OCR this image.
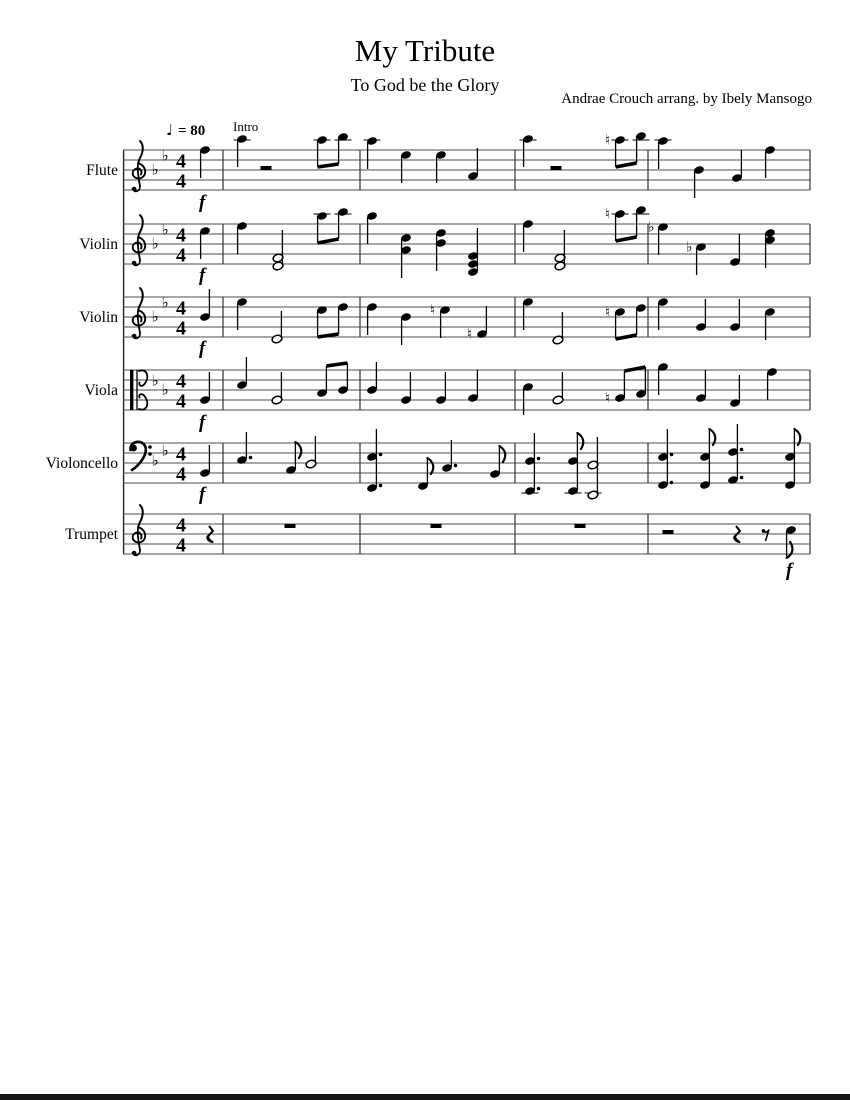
My Tribute
To God be the Glory
Andrae Crouch arrang. by Ibely Mansogo
♩ = 80 Intro
Flute ♭
♭ 4
4
♮
f
Violin ♭
♭ 4
4
♮
♭
♭
f
Violin ♭
♭ 4
4
♮
♮
♮
f
Viola
♭ ♭ 4
4	♮
f
Violoncello ♭
♭ 4
4
f
Trumpet	4
4
f
